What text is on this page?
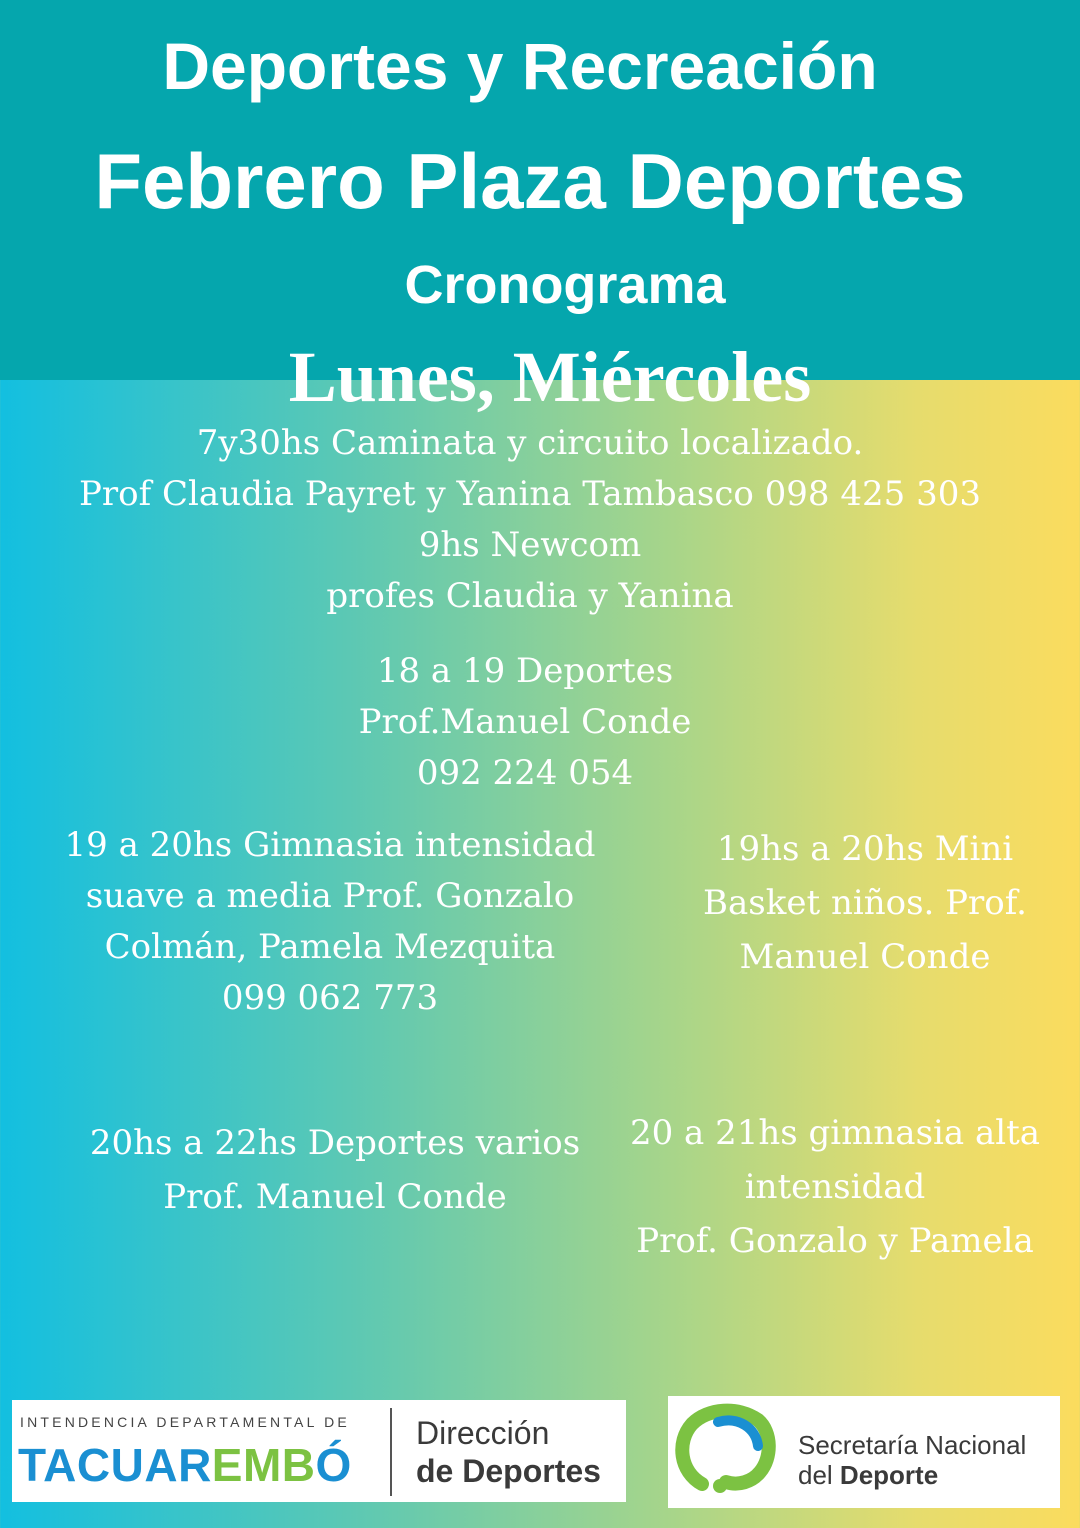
Deportes y Recreación
Febrero Plaza Deportes
Cronograma
Lunes, Miércoles
7y30hs Caminata y circuito localizado.
Prof Claudia Payret y Yanina Tambasco 098 425 303
9hs Newcom
profes Claudia y Yanina
18 a 19 Deportes
Prof.Manuel Conde
092 224 054
19 a 20hs Gimnasia intensidad
suave a media Prof. Gonzalo
Colmán, Pamela Mezquita
099 062 773
19hs a 20hs Mini
Basket niños. Prof.
Manuel Conde
20hs a 22hs Deportes varios
Prof. Manuel Conde
20 a 21hs gimnasia alta
intensidad
Prof. Gonzalo y Pamela
INTENDENCIA DEPARTAMENTAL DE
TACUAREMBÓ
Dirección
de Deportes
Secretaría Nacional
del Deporte
